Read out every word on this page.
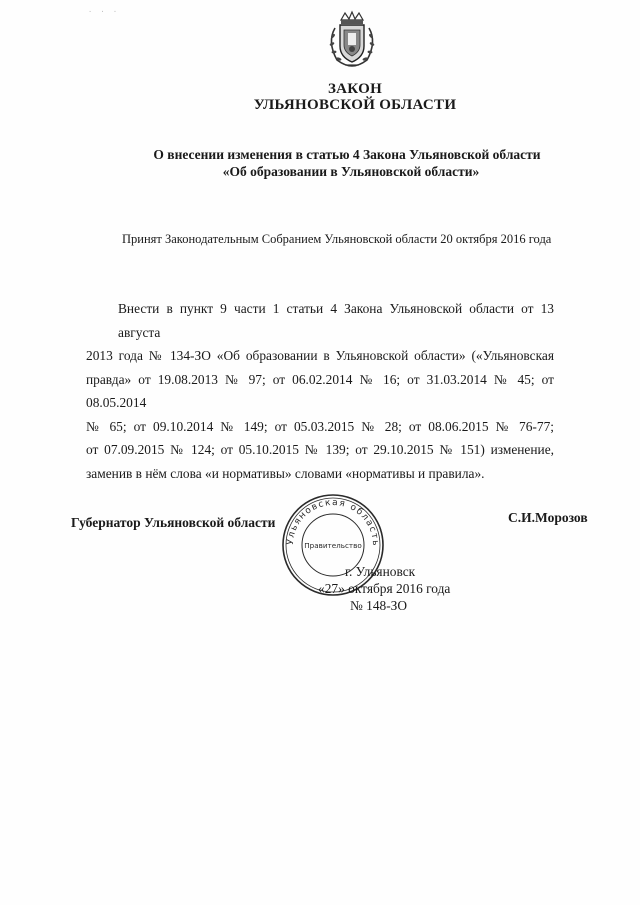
· · ·
ЗАКОН
УЛЬЯНОВСКОЙ ОБЛАСТИ
О внесении изменения в статью 4 Закона Ульяновской области
«Об образовании в Ульяновской области»
Принят Законодательным Собранием Ульяновской области 20 октября 2016 года
Внести в пункт 9 части 1 статьи 4 Закона Ульяновской области от 13 августа
2013 года № 134-ЗО «Об образовании в Ульяновской области» («Ульяновская
правда» от 19.08.2013 № 97; от 06.02.2014 № 16; от 31.03.2014 № 45; от 08.05.2014
№ 65; от 09.10.2014 № 149; от 05.03.2015 № 28; от 08.06.2015 № 76-77;
от 07.09.2015 № 124; от 05.10.2015 № 139; от 29.10.2015 № 151) изменение,
заменив в нём слова «и нормативы» словами «нормативы и правила».
Губернатор Ульяновской области	С.И.Морозов
Ульяновская область
Правительство
г. Ульяновск
«27» октября 2016 года
№ 148-ЗО
